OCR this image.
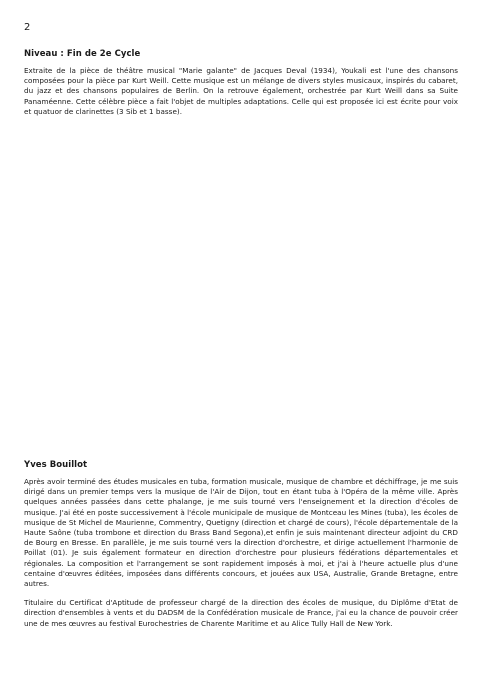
2
Niveau : Fin de 2e Cycle

Extraite de la pièce de théâtre musical "Marie galante" de Jacques Deval (1934), Youkali est l'une des chansons composées pour la pièce par Kurt Weill. Cette musique est un mélange de divers styles musicaux, inspirés du cabaret, du jazz et des chansons populaires de Berlin. On la retrouve également, orchestrée par Kurt Weill dans sa Suite Panaméenne. Cette célèbre pièce a fait l'objet de multiples adaptations. Celle qui est proposée ici est écrite pour voix et quatuor de clarinettes (3 Sib et 1 basse).

Yves Bouillot

Après avoir terminé des études musicales en tuba, formation musicale, musique de chambre et déchiffrage, je me suis dirigé dans un premier temps vers la musique de l'Air de Dijon, tout en étant tuba à l'Opéra de la même ville. Après quelques années passées dans cette phalange, je me suis tourné vers l'enseignement et la direction d'écoles de musique. J'ai été en poste successivement à l'école municipale de musique de Montceau les Mines (tuba), les écoles de musique de St Michel de Maurienne, Commentry, Quetigny (direction et chargé de cours), l'école départementale de la Haute Saône (tuba trombone et direction du Brass Band Segona),et enfin je suis maintenant directeur adjoint du CRD de Bourg en Bresse. En parallèle, je me suis tourné vers la direction d'orchestre, et dirige actuellement l'harmonie de Poillat (01). Je suis également formateur en direction d'orchestre pour plusieurs fédérations départementales et régionales. La composition et l'arrangement se sont rapidement imposés à moi, et j'ai à l'heure actuelle plus d'une centaine d'œuvres éditées, imposées dans différents concours, et jouées aux USA, Australie, Grande Bretagne, entre autres.

Titulaire du Certificat d'Aptitude de professeur chargé de la direction des écoles de musique, du Diplôme d'Etat de direction d'ensembles à vents et du DADSM de la Confédération musicale de France, j'ai eu la chance de pouvoir créer une de mes œuvres au festival Eurochestries de Charente Maritime et au Alice Tully Hall de New York.
